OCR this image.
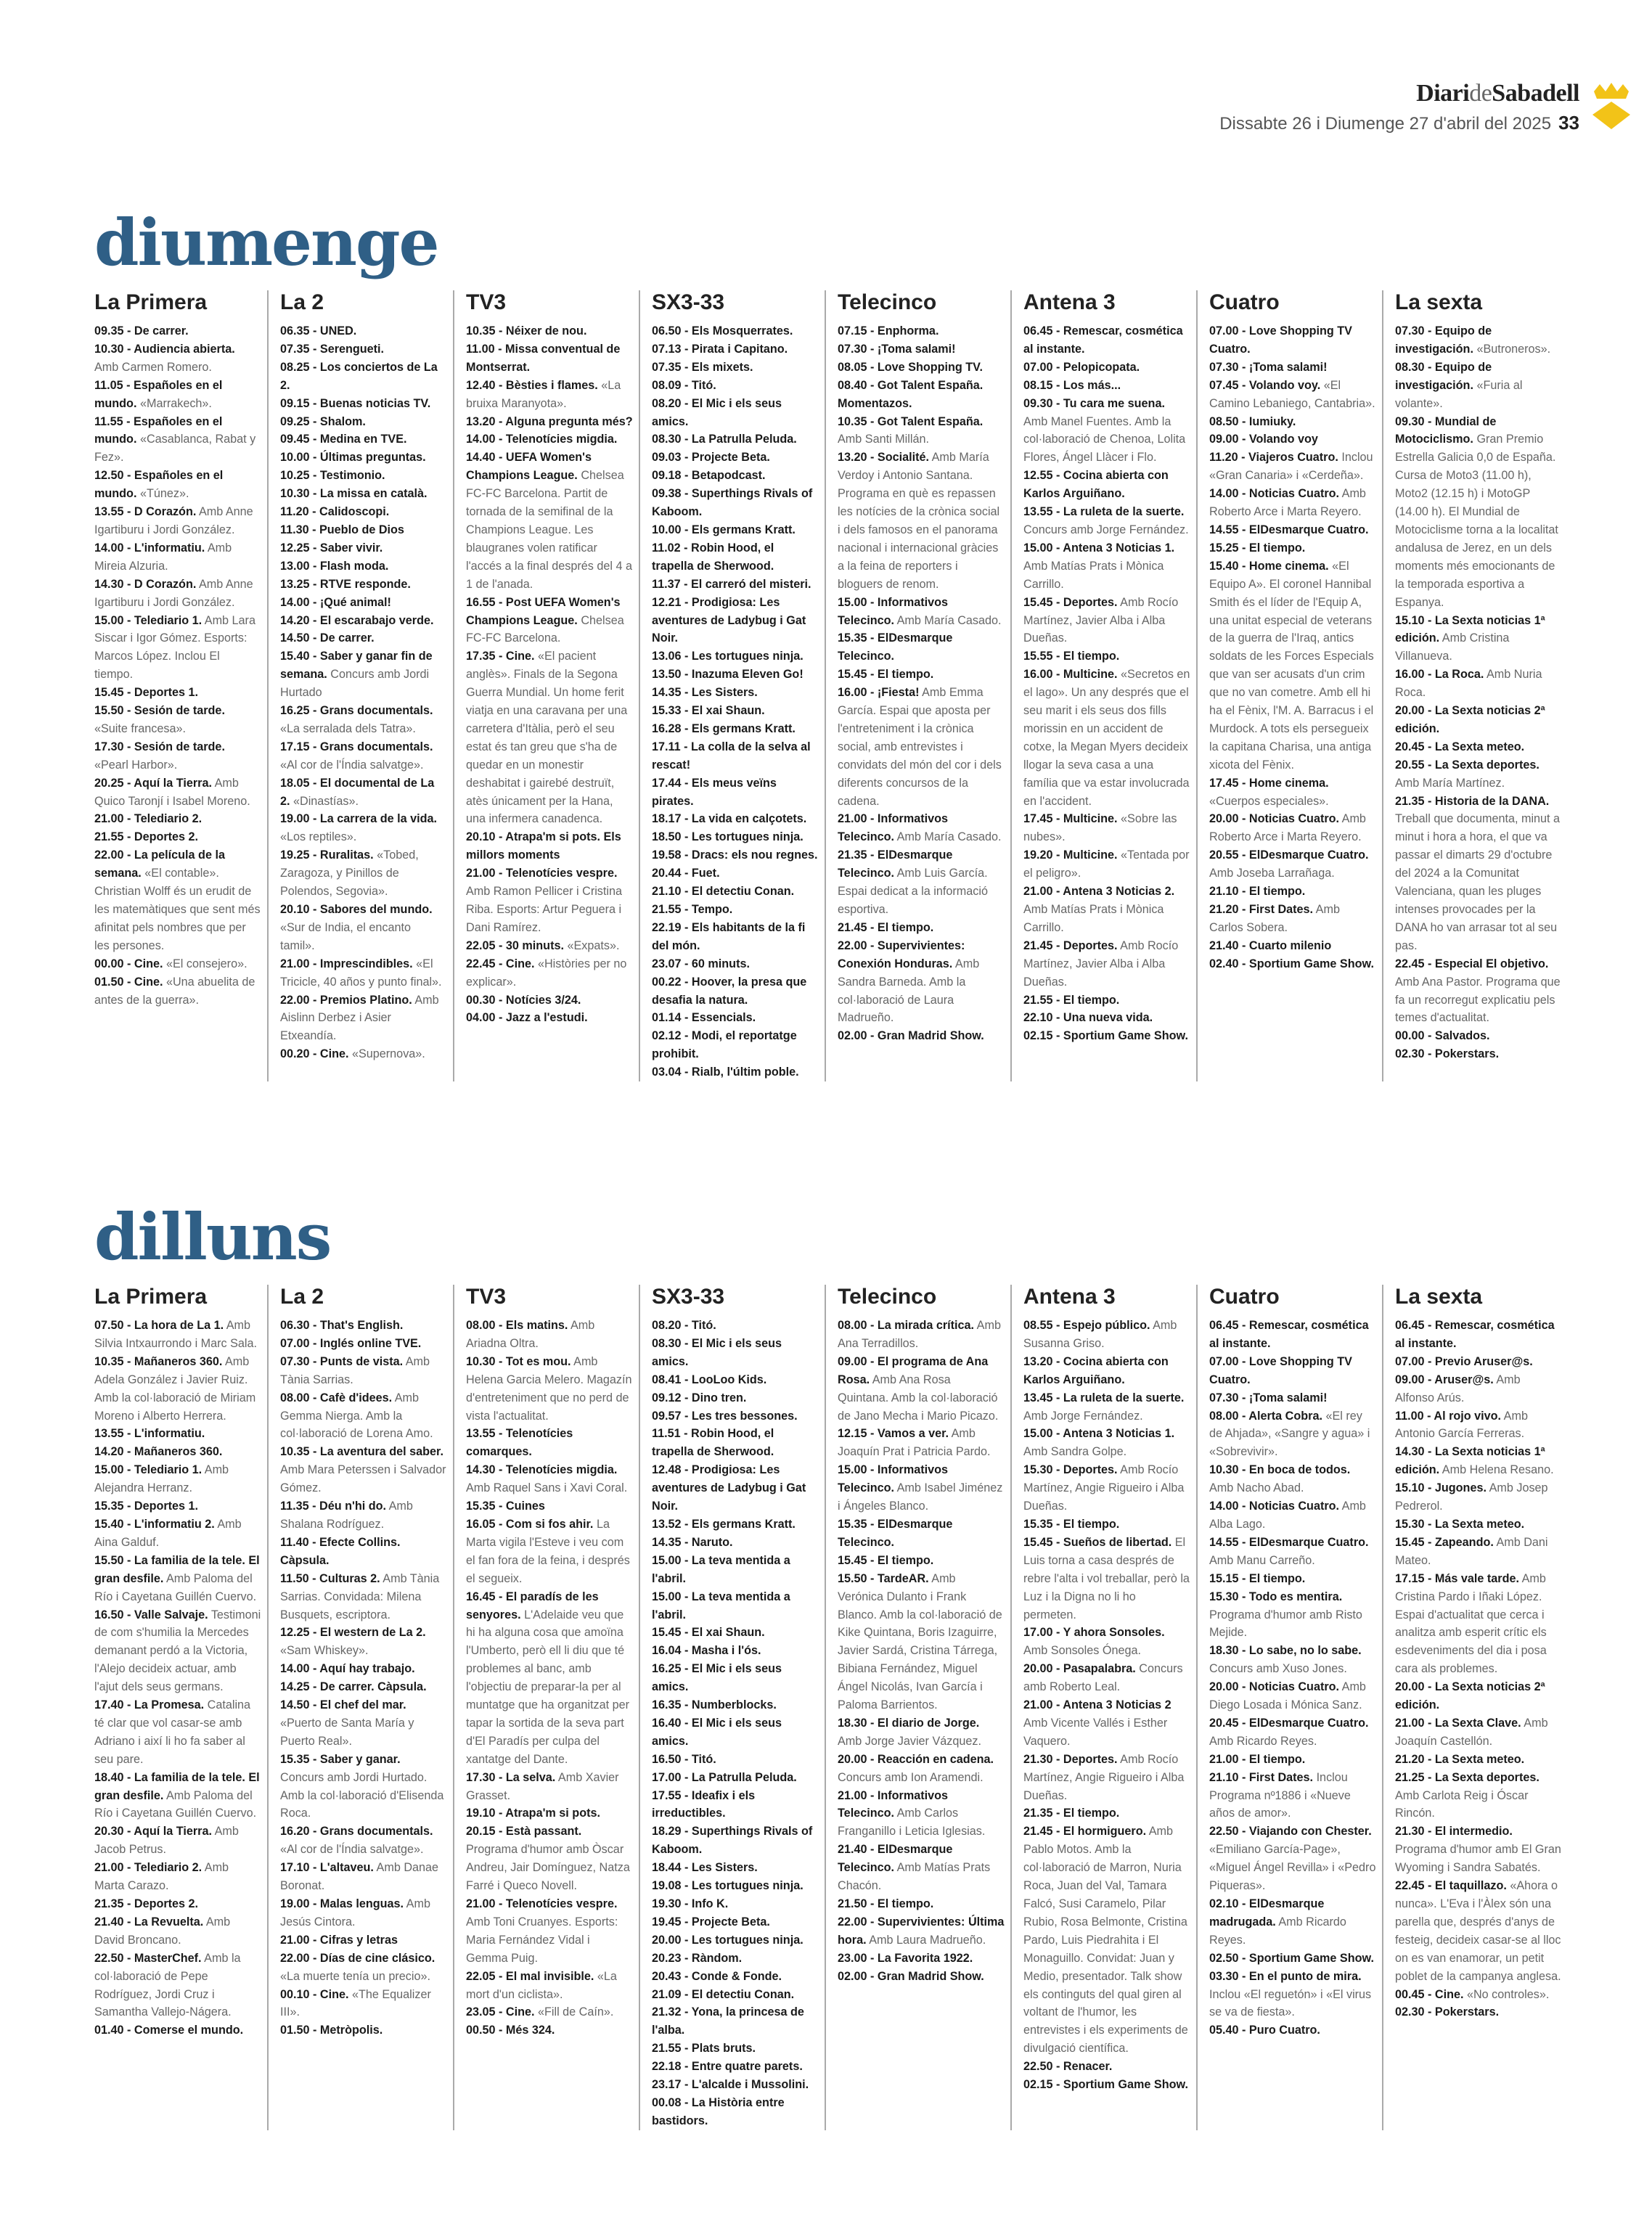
DiarideSabadell
Dissabte 26 i Diumenge 27 d'abril del 2025 33
diumenge
La Primera
09.35 - De carrer.
10.30 - Audiencia abierta. Amb Carmen Romero.
11.05 - Españoles en el mundo. «Marrakech».
11.55 - Españoles en el mundo. «Casablanca, Rabat y Fez».
12.50 - Españoles en el mundo. «Túnez».
13.55 - D Corazón. Amb Anne Igartiburu i Jordi González.
14.00 - L'informatiu. Amb Mireia Alzuria.
14.30 - D Corazón. Amb Anne Igartiburu i Jordi González.
15.00 - Telediario 1. Amb Lara Siscar i Igor Gómez. Esports: Marcos López. Inclou El tiempo.
15.45 - Deportes 1.
15.50 - Sesión de tarde. «Suite francesa».
17.30 - Sesión de tarde. «Pearl Harbor».
20.25 - Aquí la Tierra. Amb Quico Taronjí i Isabel Moreno.
21.00 - Telediario 2.
21.55 - Deportes 2.
22.00 - La película de la semana. «El contable». Christian Wolff és un erudit de les matemàtiques que sent més afinitat pels nombres que per les persones.
00.00 - Cine. «El consejero».
01.50 - Cine. «Una abuelita de antes de la guerra».
La 2
06.35 - UNED.
07.35 - Serengueti.
08.25 - Los conciertos de La 2.
09.15 - Buenas noticias TV.
09.25 - Shalom.
09.45 - Medina en TVE.
10.00 - Últimas preguntas.
10.25 - Testimonio.
10.30 - La missa en català.
11.20 - Calidoscopi.
11.30 - Pueblo de Dios
12.25 - Saber vivir.
13.00 - Flash moda.
13.25 - RTVE responde.
14.00 - ¡Qué animal!
14.20 - El escarabajo verde.
14.50 - De carrer.
15.40 - Saber y ganar fin de semana. Concurs amb Jordi Hurtado
16.25 - Grans documentals. «La serralada dels Tatra».
17.15 - Grans documentals. «Al cor de l'Índia salvatge».
18.05 - El documental de La 2. «Dinastías».
19.00 - La carrera de la vida. «Los reptiles».
19.25 - Ruralitas. «Tobed, Zaragoza, y Pinillos de Polendos, Segovia».
20.10 - Sabores del mundo. «Sur de India, el encanto tamil».
21.00 - Imprescindibles. «El Tricicle, 40 años y punto final».
22.00 - Premios Platino. Amb Aislinn Derbez i Asier Etxeandía.
00.20 - Cine. «Supernova».
TV3
10.35 - Néixer de nou.
11.00 - Missa conventual de Montserrat.
12.40 - Bèsties i flames. «La bruixa Maranyota».
13.20 - Alguna pregunta més?
14.00 - Telenotícies migdia.
14.40 - UEFA Women's Champions League. Chelsea FC-FC Barcelona. Partit de tornada de la semifinal de la Champions League. Les blaugranes volen ratificar l'accés a la final després del 4 a 1 de l'anada.
16.55 - Post UEFA Women's Champions League. Chelsea FC-FC Barcelona.
17.35 - Cine. «El pacient anglès». Finals de la Segona Guerra Mundial. Un home ferit viatja en una caravana per una carretera d'Itàlia, però el seu estat és tan greu que s'ha de quedar en un monestir deshabitat i gairebé destruït, atès únicament per la Hana, una infermera canadenca.
20.10 - Atrapa'm si pots. Els millors moments
21.00 - Telenotícies vespre. Amb Ramon Pellicer i Cristina Riba. Esports: Artur Peguera i Dani Ramírez.
22.05 - 30 minuts. «Expats».
22.45 - Cine. «Històries per no explicar».
00.30 - Notícies 3/24.
04.00 - Jazz a l'estudi.
SX3-33
06.50 - Els Mosquerrates.
07.13 - Pirata i Capitano.
07.35 - Els mixets.
08.09 - Titó.
08.20 - El Mic i els seus amics.
08.30 - La Patrulla Peluda.
09.03 - Projecte Beta.
09.18 - Betapodcast.
09.38 - Superthings Rivals of Kaboom.
10.00 - Els germans Kratt.
11.02 - Robin Hood, el trapella de Sherwood.
11.37 - El carreró del misteri.
12.21 - Prodigiosa: Les aventures de Ladybug i Gat Noir.
13.06 - Les tortugues ninja.
13.50 - Inazuma Eleven Go!
14.35 - Les Sisters.
15.33 - El xai Shaun.
16.28 - Els germans Kratt.
17.11 - La colla de la selva al rescat!
17.44 - Els meus veïns pirates.
18.17 - La vida en calçotets.
18.50 - Les tortugues ninja.
19.58 - Dracs: els nou regnes.
20.44 - Fuet.
21.10 - El detectiu Conan.
21.55 - Tempo.
22.19 - Els habitants de la fi del món.
23.07 - 60 minuts.
00.22 - Hoover, la presa que desafia la natura.
01.14 - Essencials.
02.12 - Modi, el reportatge prohibit.
03.04 - Rialb, l'últim poble.
Telecinco
07.15 - Enphorma.
07.30 - ¡Toma salami!
08.05 - Love Shopping TV.
08.40 - Got Talent España. Momentazos.
10.35 - Got Talent España. Amb Santi Millán.
13.20 - Socialité. Amb María Verdoy i Antonio Santana. Programa en què es repassen les notícies de la crònica social i dels famosos en el panorama nacional i internacional gràcies a la feina de reporters i bloguers de renom.
15.00 - Informativos Telecinco. Amb María Casado.
15.35 - ElDesmarque Telecinco.
15.45 - El tiempo.
16.00 - ¡Fiesta! Amb Emma García. Espai que aposta per l'entreteniment i la crònica social, amb entrevistes i convidats del món del cor i dels diferents concursos de la cadena.
21.00 - Informativos Telecinco. Amb María Casado.
21.35 - ElDesmarque Telecinco. Amb Luis García. Espai dedicat a la informació esportiva.
21.45 - El tiempo.
22.00 - Supervivientes: Conexión Honduras. Amb Sandra Barneda. Amb la col·laboració de Laura Madrueño.
02.00 - Gran Madrid Show.
Antena 3
06.45 - Remescar, cosmética al instante.
07.00 - Pelopicopata.
08.15 - Los más...
09.30 - Tu cara me suena. Amb Manel Fuentes. Amb la col·laboració de Chenoa, Lolita Flores, Ángel Llàcer i Flo.
12.55 - Cocina abierta con Karlos Arguiñano.
13.55 - La ruleta de la suerte. Concurs amb Jorge Fernández.
15.00 - Antena 3 Noticias 1. Amb Matías Prats i Mònica Carrillo.
15.45 - Deportes. Amb Rocío Martínez, Javier Alba i Alba Dueñas.
15.55 - El tiempo.
16.00 - Multicine. «Secretos en el lago». Un any després que el seu marit i els seus dos fills morissin en un accident de cotxe, la Megan Myers decideix llogar la seva casa a una família que va estar involucrada en l'accident.
17.45 - Multicine. «Sobre las nubes».
19.20 - Multicine. «Tentada por el peligro».
21.00 - Antena 3 Noticias 2. Amb Matías Prats i Mònica Carrillo.
21.45 - Deportes. Amb Rocío Martínez, Javier Alba i Alba Dueñas.
21.55 - El tiempo.
22.10 - Una nueva vida.
02.15 - Sportium Game Show.
Cuatro
07.00 - Love Shopping TV Cuatro.
07.30 - ¡Toma salami!
07.45 - Volando voy. «El Camino Lebaniego, Cantabria».
08.50 - Iumiuky.
09.00 - Volando voy
11.20 - Viajeros Cuatro. Inclou «Gran Canaria» i «Cerdeña».
14.00 - Noticias Cuatro. Amb Roberto Arce i Marta Reyero.
14.55 - ElDesmarque Cuatro.
15.25 - El tiempo.
15.40 - Home cinema. «El Equipo A». El coronel Hannibal Smith és el líder de l'Equip A, una unitat especial de veterans de la guerra de l'Iraq, antics soldats de les Forces Especials que van ser acusats d'un crim que no van cometre. Amb ell hi ha el Fènix, l'M. A. Barracus i el Murdock. A tots els persegueix la capitana Charisa, una antiga xicota del Fènix.
17.45 - Home cinema. «Cuerpos especiales».
20.00 - Noticias Cuatro. Amb Roberto Arce i Marta Reyero.
20.55 - ElDesmarque Cuatro. Amb Joseba Larrañaga.
21.10 - El tiempo.
21.20 - First Dates. Amb Carlos Sobera.
21.40 - Cuarto milenio
02.40 - Sportium Game Show.
La sexta
07.30 - Equipo de investigación. «Butroneros».
08.30 - Equipo de investigación. «Furia al volante».
09.30 - Mundial de Motociclismo. Gran Premio Estrella Galicia 0,0 de España. Cursa de Moto3 (11.00 h), Moto2 (12.15 h) i MotoGP (14.00 h). El Mundial de Motociclisme torna a la localitat andalusa de Jerez, en un dels moments més emocionants de la temporada esportiva a Espanya.
15.10 - La Sexta noticias 1ª edición. Amb Cristina Villanueva.
16.00 - La Roca. Amb Nuria Roca.
20.00 - La Sexta noticias 2ª edición.
20.45 - La Sexta meteo.
20.55 - La Sexta deportes. Amb María Martínez.
21.35 - Historia de la DANA. Treball que documenta, minut a minut i hora a hora, el que va passar el dimarts 29 d'octubre del 2024 a la Comunitat Valenciana, quan les pluges intenses provocades per la DANA ho van arrasar tot al seu pas.
22.45 - Especial El objetivo. Amb Ana Pastor. Programa que fa un recorregut explicatiu pels temes d'actualitat.
00.00 - Salvados.
02.30 - Pokerstars.
dilluns
La Primera
07.50 - La hora de La 1. Amb Silvia Intxaurrondo i Marc Sala.
10.35 - Mañaneros 360. Amb Adela González i Javier Ruiz. Amb la col·laboració de Miriam Moreno i Alberto Herrera.
13.55 - L'informatiu.
14.20 - Mañaneros 360.
15.00 - Telediario 1. Amb Alejandra Herranz.
15.35 - Deportes 1.
15.40 - L'informatiu 2. Amb Aina Galduf.
15.50 - La familia de la tele. El gran desfile. Amb Paloma del Río i Cayetana Guillén Cuervo.
16.50 - Valle Salvaje. Testimoni de com s'humilia la Mercedes demanant perdó a la Victoria, l'Alejo decideix actuar, amb l'ajut dels seus germans.
17.40 - La Promesa. Catalina té clar que vol casar-se amb Adriano i així li ho fa saber al seu pare.
18.40 - La familia de la tele. El gran desfile. Amb Paloma del Río i Cayetana Guillén Cuervo.
20.30 - Aquí la Tierra. Amb Jacob Petrus.
21.00 - Telediario 2. Amb Marta Carazo.
21.35 - Deportes 2.
21.40 - La Revuelta. Amb David Broncano.
22.50 - MasterChef. Amb la col·laboració de Pepe Rodríguez, Jordi Cruz i Samantha Vallejo-Nágera.
01.40 - Comerse el mundo.
La 2
06.30 - That's English.
07.00 - Inglés online TVE.
07.30 - Punts de vista. Amb Tània Sarrias.
08.00 - Cafè d'idees. Amb Gemma Nierga. Amb la col·laboració de Lorena Amo.
10.35 - La aventura del saber. Amb Mara Peterssen i Salvador Gómez.
11.35 - Déu n'hi do. Amb Shalana Rodríguez.
11.40 - Efecte Collins. Càpsula.
11.50 - Culturas 2. Amb Tània Sarrias. Convidada: Milena Busquets, escriptora.
12.25 - El western de La 2. «Sam Whiskey».
14.00 - Aquí hay trabajo.
14.25 - De carrer. Càpsula.
14.50 - El chef del mar. «Puerto de Santa María y Puerto Real».
15.35 - Saber y ganar. Concurs amb Jordi Hurtado. Amb la col·laboració d'Elisenda Roca.
16.20 - Grans documentals. «Al cor de l'Índia salvatge».
17.10 - L'altaveu. Amb Danae Boronat.
19.00 - Malas lenguas. Amb Jesús Cintora.
21.00 - Cifras y letras
22.00 - Días de cine clásico. «La muerte tenía un precio».
00.10 - Cine. «The Equalizer III».
01.50 - Metròpolis.
TV3
08.00 - Els matins. Amb Ariadna Oltra.
10.30 - Tot es mou. Amb Helena Garcia Melero. Magazín d'entreteniment que no perd de vista l'actualitat.
13.55 - Telenotícies comarques.
14.30 - Telenotícies migdia. Amb Raquel Sans i Xavi Coral.
15.35 - Cuines
16.05 - Com si fos ahir. La Marta vigila l'Esteve i veu com el fan fora de la feina, i després el segueix.
16.45 - El paradís de les senyores. L'Adelaide veu que hi ha alguna cosa que amoïna l'Umberto, però ell li diu que té problemes al banc, amb l'objectiu de preparar-la per al muntatge que ha organitzat per tapar la sortida de la seva part d'El Paradís per culpa del xantatge del Dante.
17.30 - La selva. Amb Xavier Grasset.
19.10 - Atrapa'm si pots.
20.15 - Està passant. Programa d'humor amb Òscar Andreu, Jair Domínguez, Natza Farré i Queco Novell.
21.00 - Telenotícies vespre. Amb Toni Cruanyes. Esports: Maria Fernández Vidal i Gemma Puig.
22.05 - El mal invisible. «La mort d'un ciclista».
23.05 - Cine. «Fill de Caín».
00.50 - Més 324.
SX3-33
08.20 - Titó.
08.30 - El Mic i els seus amics.
08.41 - LooLoo Kids.
09.12 - Dino tren.
09.57 - Les tres bessones.
11.51 - Robin Hood, el trapella de Sherwood.
12.48 - Prodigiosa: Les aventures de Ladybug i Gat Noir.
13.52 - Els germans Kratt.
14.35 - Naruto.
15.00 - La teva mentida a l'abril.
15.00 - La teva mentida a l'abril.
15.45 - El xai Shaun.
16.04 - Masha i l'ós.
16.25 - El Mic i els seus amics.
16.35 - Numberblocks.
16.40 - El Mic i els seus amics.
16.50 - Titó.
17.00 - La Patrulla Peluda.
17.55 - Ideafix i els irreductibles.
18.29 - Superthings Rivals of Kaboom.
18.44 - Les Sisters.
19.08 - Les tortugues ninja.
19.30 - Info K.
19.45 - Projecte Beta.
20.00 - Les tortugues ninja.
20.23 - Ràndom.
20.43 - Conde & Fonde.
21.09 - El detectiu Conan.
21.32 - Yona, la princesa de l'alba.
21.55 - Plats bruts.
22.18 - Entre quatre parets.
23.17 - L'alcalde i Mussolini.
00.08 - La Història entre bastidors.
Telecinco
08.00 - La mirada crítica. Amb Ana Terradillos.
09.00 - El programa de Ana Rosa. Amb Ana Rosa Quintana. Amb la col·laboració de Jano Mecha i Mario Picazo.
12.15 - Vamos a ver. Amb Joaquín Prat i Patricia Pardo.
15.00 - Informativos Telecinco. Amb Isabel Jiménez i Ángeles Blanco.
15.35 - ElDesmarque Telecinco.
15.45 - El tiempo.
15.50 - TardeAR. Amb Verónica Dulanto i Frank Blanco. Amb la col·laboració de Kike Quintana, Boris Izaguirre, Javier Sardá, Cristina Tárrega, Bibiana Fernández, Miguel Ángel Nicolás, Ivan García i Paloma Barrientos.
18.30 - El diario de Jorge. Amb Jorge Javier Vázquez.
20.00 - Reacción en cadena. Concurs amb Ion Aramendi.
21.00 - Informativos Telecinco. Amb Carlos Franganillo i Leticia Iglesias.
21.40 - ElDesmarque Telecinco. Amb Matías Prats Chacón.
21.50 - El tiempo.
22.00 - Supervivientes: Última hora. Amb Laura Madrueño.
23.00 - La Favorita 1922.
02.00 - Gran Madrid Show.
Antena 3
08.55 - Espejo público. Amb Susanna Griso.
13.20 - Cocina abierta con Karlos Arguiñano.
13.45 - La ruleta de la suerte. Amb Jorge Fernández.
15.00 - Antena 3 Noticias 1. Amb Sandra Golpe.
15.30 - Deportes. Amb Rocío Martínez, Angie Rigueiro i Alba Dueñas.
15.35 - El tiempo.
15.45 - Sueños de libertad. El Luis torna a casa després de rebre l'alta i vol treballar, però la Luz i la Digna no li ho permeten.
17.00 - Y ahora Sonsoles. Amb Sonsoles Ónega.
20.00 - Pasapalabra. Concurs amb Roberto Leal.
21.00 - Antena 3 Noticias 2 Amb Vicente Vallés i Esther Vaquero.
21.30 - Deportes. Amb Rocío Martínez, Angie Rigueiro i Alba Dueñas.
21.35 - El tiempo.
21.45 - El hormiguero. Amb Pablo Motos. Amb la col·laboració de Marron, Nuria Roca, Juan del Val, Tamara Falcó, Susi Caramelo, Pilar Rubio, Rosa Belmonte, Cristina Pardo, Luis Piedrahita i El Monaguillo. Convidat: Juan y Medio, presentador. Talk show els continguts del qual giren al voltant de l'humor, les entrevistes i els experiments de divulgació científica.
22.50 - Renacer.
02.15 - Sportium Game Show.
Cuatro
06.45 - Remescar, cosmética al instante.
07.00 - Love Shopping TV Cuatro.
07.30 - ¡Toma salami!
08.00 - Alerta Cobra. «El rey de Ahjada», «Sangre y agua» i «Sobrevivir».
10.30 - En boca de todos. Amb Nacho Abad.
14.00 - Noticias Cuatro. Amb Alba Lago.
14.55 - ElDesmarque Cuatro. Amb Manu Carreño.
15.15 - El tiempo.
15.30 - Todo es mentira. Programa d'humor amb Risto Mejide.
18.30 - Lo sabe, no lo sabe. Concurs amb Xuso Jones.
20.00 - Noticias Cuatro. Amb Diego Losada i Mónica Sanz.
20.45 - ElDesmarque Cuatro. Amb Ricardo Reyes.
21.00 - El tiempo.
21.10 - First Dates. Inclou Programa nº1886 i «Nueve años de amor».
22.50 - Viajando con Chester. «Emiliano García-Page», «Miguel Ángel Revilla» i «Pedro Piqueras».
02.10 - ElDesmarque madrugada. Amb Ricardo Reyes.
02.50 - Sportium Game Show.
03.30 - En el punto de mira. Inclou «El reguetón» i «El virus se va de fiesta».
05.40 - Puro Cuatro.
La sexta
06.45 - Remescar, cosmética al instante.
07.00 - Previo Aruser@s.
09.00 - Aruser@s. Amb Alfonso Arús.
11.00 - Al rojo vivo. Amb Antonio García Ferreras.
14.30 - La Sexta noticias 1ª edición. Amb Helena Resano.
15.10 - Jugones. Amb Josep Pedrerol.
15.30 - La Sexta meteo.
15.45 - Zapeando. Amb Dani Mateo.
17.15 - Más vale tarde. Amb Cristina Pardo i Iñaki López. Espai d'actualitat que cerca i analitza amb esperit crític els esdeveniments del dia i posa cara als problemes.
20.00 - La Sexta noticias 2ª edición.
21.00 - La Sexta Clave. Amb Joaquín Castellón.
21.20 - La Sexta meteo.
21.25 - La Sexta deportes. Amb Carlota Reig i Óscar Rincón.
21.30 - El intermedio. Programa d'humor amb El Gran Wyoming i Sandra Sabatés.
22.45 - El taquillazo. «Ahora o nunca». L'Eva i l'Àlex són una parella que, després d'anys de festeig, decideix casar-se al lloc on es van enamorar, un petit poblet de la campanya anglesa.
00.45 - Cine. «No controles».
02.30 - Pokerstars.
